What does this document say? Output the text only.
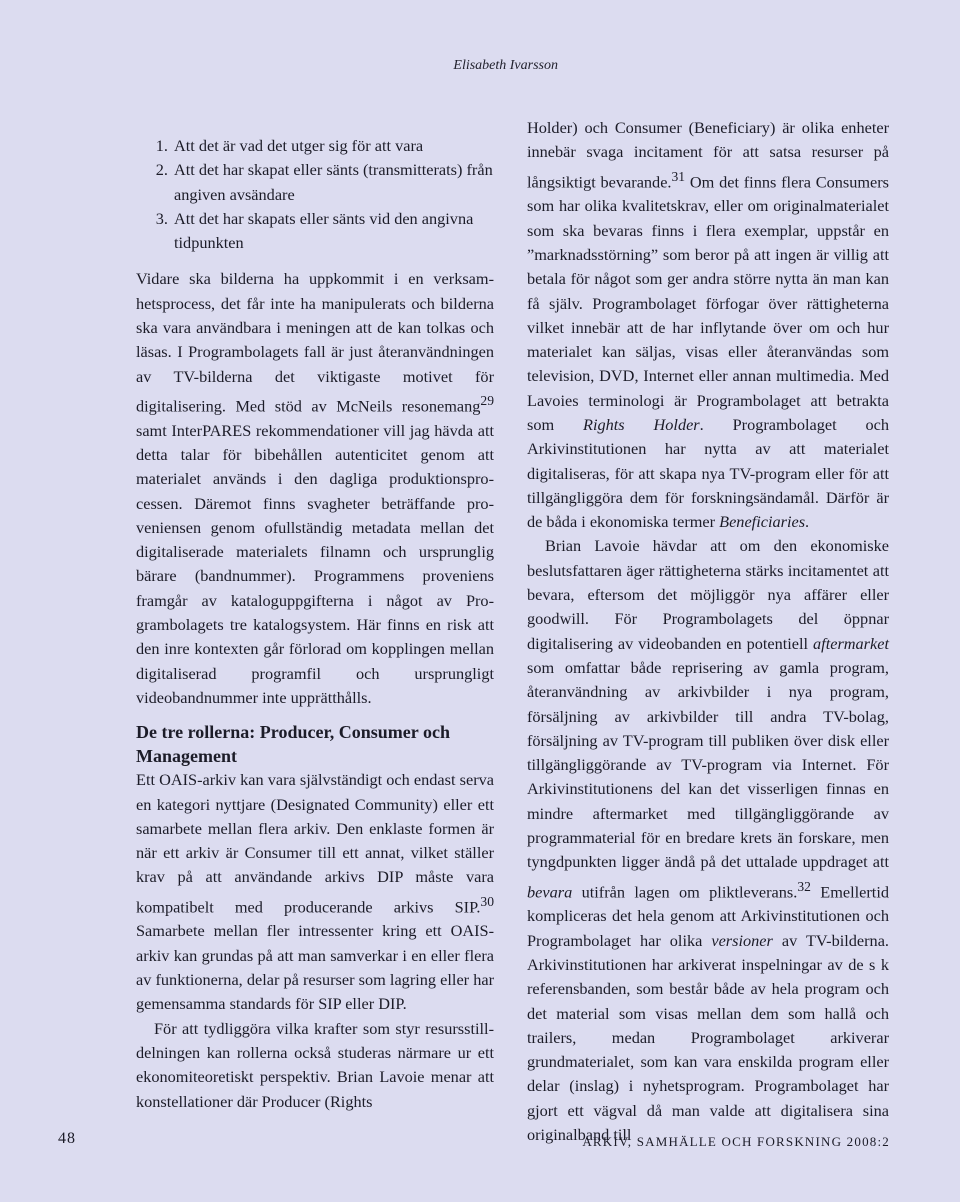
Elisabeth Ivarsson
1. Att det är vad det utger sig för att vara
2. Att det har skapat eller sänts (transmitterats) från angiven avsändare
3. Att det har skapats eller sänts vid den angivna tidpunkten

Vidare ska bilderna ha uppkommit i en verksamhetsprocess, det får inte ha manipulerats och bilderna ska vara användbara i meningen att de kan tolkas och läsas. I Programbolagets fall är just återanvändningen av TV-bilderna det viktigaste motivet för digitalisering. Med stöd av McNeils resonemang$^{29}$ samt InterPARES rekommendationer vill jag hävda att detta talar för bibehållen autenticitet genom att materialet används i den dagliga produktionsprocessen. Däremot finns svagheter beträffande proveniensen genom ofullständig metadata mellan det digitaliserade materialets filnamn och ursprunglig bärare (bandnummer). Programmens proveniens framgår av kataloguppgifterna i något av Programbolagets tre katalogsystem. Här finns en risk att den inre kontexten går förlorad om kopplingen mellan digitaliserad programfil och ursprungligt videobandnummer inte upprätthålls.

De tre rollerna: Producer, Consumer och Management

Ett OAIS-arkiv kan vara självständigt och endast serva en kategori nyttjare (Designated Community) eller ett samarbete mellan flera arkiv. Den enklaste formen är när ett arkiv är Consumer till ett annat, vilket ställer krav på att användande arkivs DIP måste vara kompatibelt med producerande arkivs SIP.$^{30}$ Samarbete mellan fler intressenter kring ett OAIS-arkiv kan grundas på att man samverkar i en eller flera av funktionerna, delar på resurser som lagring eller har gemensamma standards för SIP eller DIP.

För att tydliggöra vilka krafter som styr resursstilldelningen kan rollerna också studeras närmare ur ett ekonomiteoretiskt perspektiv. Brian Lavoie menar att konstellationer där Producer (Rights

Holder) och Consumer (Beneficiary) är olika enheter innebär svaga incitament för att satsa resurser på långsiktigt bevarande.$^{31}$ Om det finns flera Consumers som har olika kvalitetskrav, eller om originalmaterialet som ska bevaras finns i flera exemplar, uppstår en ”marknadsstörning” som beror på att ingen är villig att betala för något som ger andra större nytta än man kan få själv. Programbolaget förfogar över rättigheterna vilket innebär att de har inflytande över om och hur materialet kan säljas, visas eller återanvändas som television, DVD, Internet eller annan multimedia. Med Lavoies terminologi är Programbolaget att betrakta som Rights Holder. Programbolaget och Arkivinstitutionen har nytta av att materialet digitaliseras, för att skapa nya TV-program eller för att tillgängliggöra dem för forskningsändamål. Därför är de båda i ekonomiska termer Beneficiaries.

Brian Lavoie hävdar att om den ekonomiske beslutsfattaren äger rättigheterna stärks incitamentet att bevara, eftersom det möjliggör nya affärer eller goodwill. För Programbolagets del öppnar digitalisering av videobanden en potentiell aftermarket som omfattar både reprisering av gamla program, återanvändning av arkivbilder i nya program, försäljning av arkivbilder till andra TV-bolag, försäljning av TV-program till publiken över disk eller tillgängliggörande av TV-program via Internet. För Arkivinstitutionens del kan det visserligen finnas en mindre aftermarket med tillgängliggörande av programmaterial för en bredare krets än forskare, men tyngdpunkten ligger ändå på det uttalade uppdraget att bevara utifrån lagen om pliktleverans.$^{32}$ Emellertid kompliceras det hela genom att Arkivinstitutionen och Programbolaget har olika versioner av TV-bilderna. Arkivinstitutionen har arkiverat inspelningar av de s k referensbanden, som består både av hela program och det material som visas mellan dem som hallå och trailers, medan Programbolaget arkiverar grundmaterialet, som kan vara enskilda program eller delar (inslag) i nyhetsprogram. Programbolaget har gjort ett vägval då man valde att digitalisera sina originalband till

48	ARKIV, SAMHÄLLE OCH FORSKNING 2008:2
